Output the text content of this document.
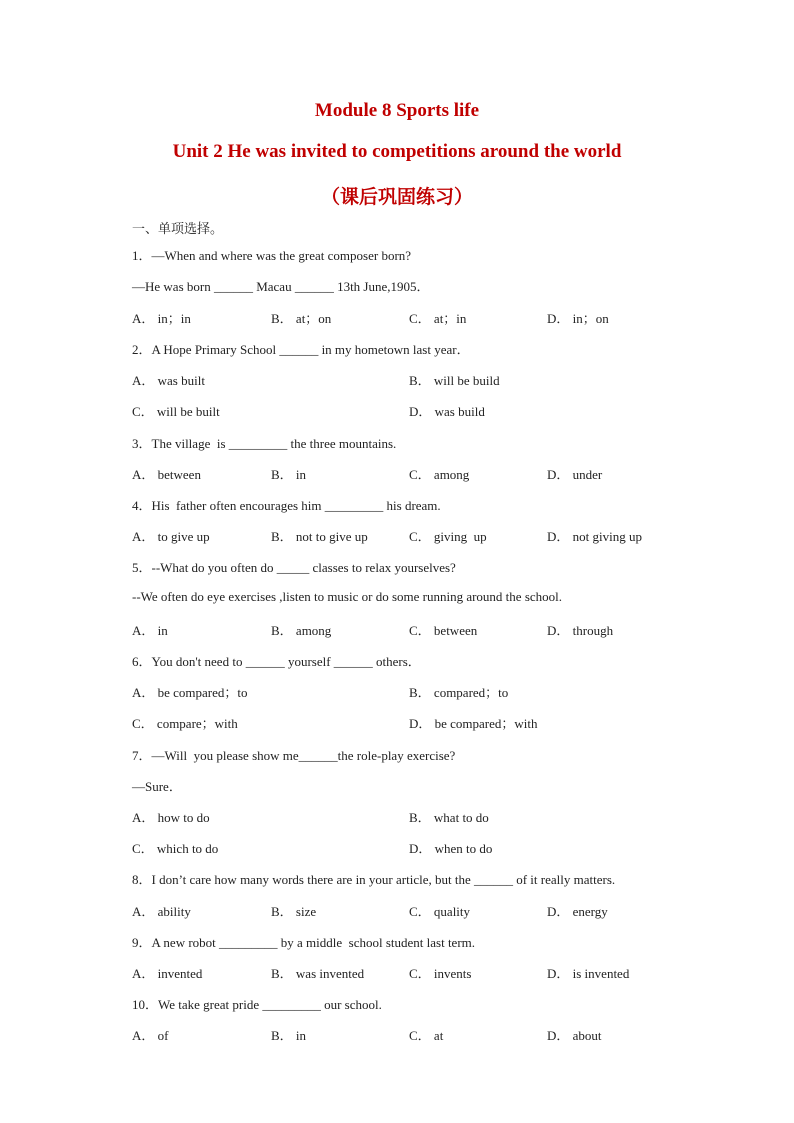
Module 8 Sports life
Unit 2 He was invited to competitions around the world
（课后巩固练习）
一、单项选择。
1．—When and where was the great composer born?
—He was born ______ Macau ______ 13th June,1905．
A． in；in	B． at；on	C． at；in	D． in；on
2．A Hope Primary School ______ in my hometown last year．
A． was built	B． will be build
C． will be built	D． was build
3．The village  is _________ the three mountains.
A． between	B． in	C． among	D． under
4．His  father often encourages him _________ his dream.
A． to give up	B． not to give up	C． giving  up	D． not giving up
5．--What do you often do _____ classes to relax yourselves?
--We often do eye exercises ,listen to music or do some running around the school.
A． in	B． among	C． between	D． through
6．You don't need to ______ yourself ______ others．
A． be compared；to	B． compared；to
C． compare；with	D． be compared；with
7．—Will  you please show me______the role-play exercise?
—Sure．
A． how to do	B． what to do
C． which to do	D． when to do
8．I don’t care how many words there are in your article, but the ______ of it really matters.
A． ability	B． size	C． quality	D． energy
9．A new robot _________ by a middle  school student last term.
A． invented	B． was invented	C． invents	D． is invented
10．We take great pride _________ our school.
A． of	B． in	C． at	D． about
